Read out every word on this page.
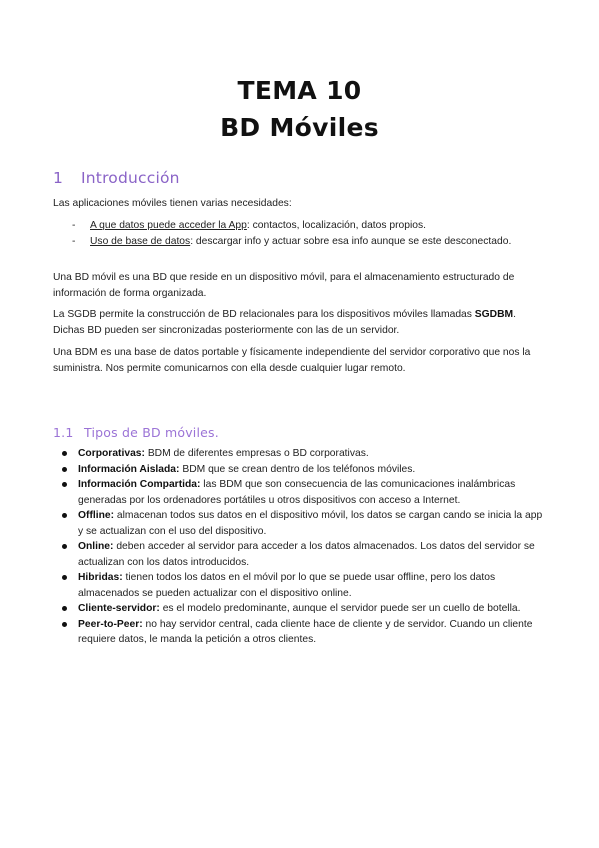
TEMA 10
BD Móviles
1 Introducción
Las aplicaciones móviles tienen varias necesidades:
- A que datos puede acceder la App: contactos, localización, datos propios.
- Uso de base de datos: descargar info y actuar sobre esa info aunque se este desconectado.
Una BD móvil es una BD que reside en un dispositivo móvil, para el almacenamiento estructurado de información de forma organizada.
La SGDB permite la construcción de BD relacionales para los dispositivos móviles llamadas SGDBM. Dichas BD pueden ser sincronizadas posteriormente con las de un servidor.
Una BDM es una base de datos portable y físicamente independiente del servidor corporativo que nos la suministra. Nos permite comunicarnos con ella desde cualquier lugar remoto.
1.1 Tipos de BD móviles.
Corporativas: BDM de diferentes empresas o BD corporativas.
Información Aislada: BDM que se crean dentro de los teléfonos móviles.
Información Compartida: las BDM que son consecuencia de las comunicaciones inalámbricas generadas por los ordenadores portátiles u otros dispositivos con acceso a Internet.
Offline: almacenan todos sus datos en el dispositivo móvil, los datos se cargan cando se inicia la app y se actualizan con el uso del dispositivo.
Online: deben acceder al servidor para acceder a los datos almacenados. Los datos del servidor se actualizan con los datos introducidos.
Hibridas: tienen todos los datos en el móvil por lo que se puede usar offline, pero los datos almacenados se pueden actualizar con el dispositivo online.
Cliente-servidor: es el modelo predominante, aunque el servidor puede ser un cuello de botella.
Peer-to-Peer: no hay servidor central, cada cliente hace de cliente y de servidor. Cuando un cliente requiere datos, le manda la petición a otros clientes.
